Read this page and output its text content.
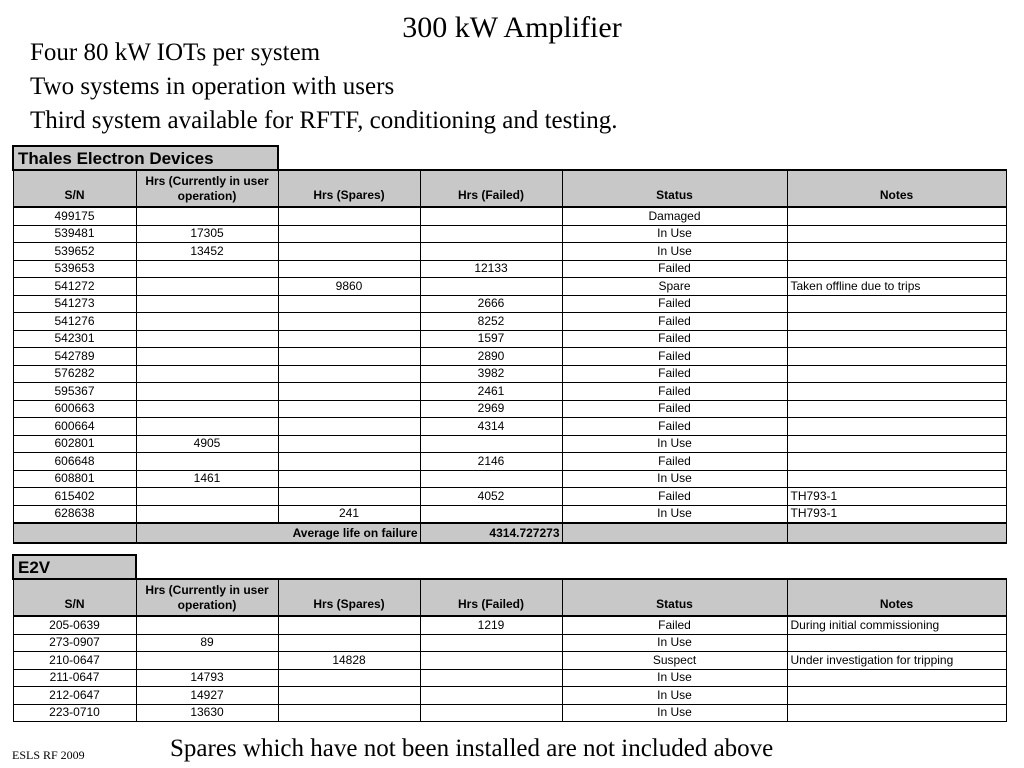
300 kW Amplifier
Four 80 kW IOTs per system
Two systems in operation with users
Third system available for RFTF, conditioning and testing.
Thales Electron Devices					
S/N	Hrs (Currently in user operation)	Hrs (Spares)	Hrs (Failed)	Status	Notes
499175				Damaged	
539481	17305			In Use	
539652	13452			In Use	
539653			12133	Failed	
541272		9860		Spare	Taken offline due to trips
541273			2666	Failed	
541276			8252	Failed	
542301			1597	Failed	
542789			2890	Failed	
576282			3982	Failed	
595367			2461	Failed	
600663			2969	Failed	
600664			4314	Failed	
602801	4905			In Use	
606648			2146	Failed	
608801	1461			In Use	
615402			4052	Failed	TH793-1
628638		241		In Use	TH793-1
	Average life on failure		4314.727273		
E2V					
S/N	Hrs (Currently in user operation)	Hrs (Spares)	Hrs (Failed)	Status	Notes
205-0639			1219	Failed	During initial commissioning
273-0907	89			In Use	
210-0647		14828		Suspect	Under investigation for tripping
211-0647	14793			In Use	
212-0647	14927			In Use	
223-0710	13630			In Use	
Spares which have not been installed are not included above
ESLS RF 2009
